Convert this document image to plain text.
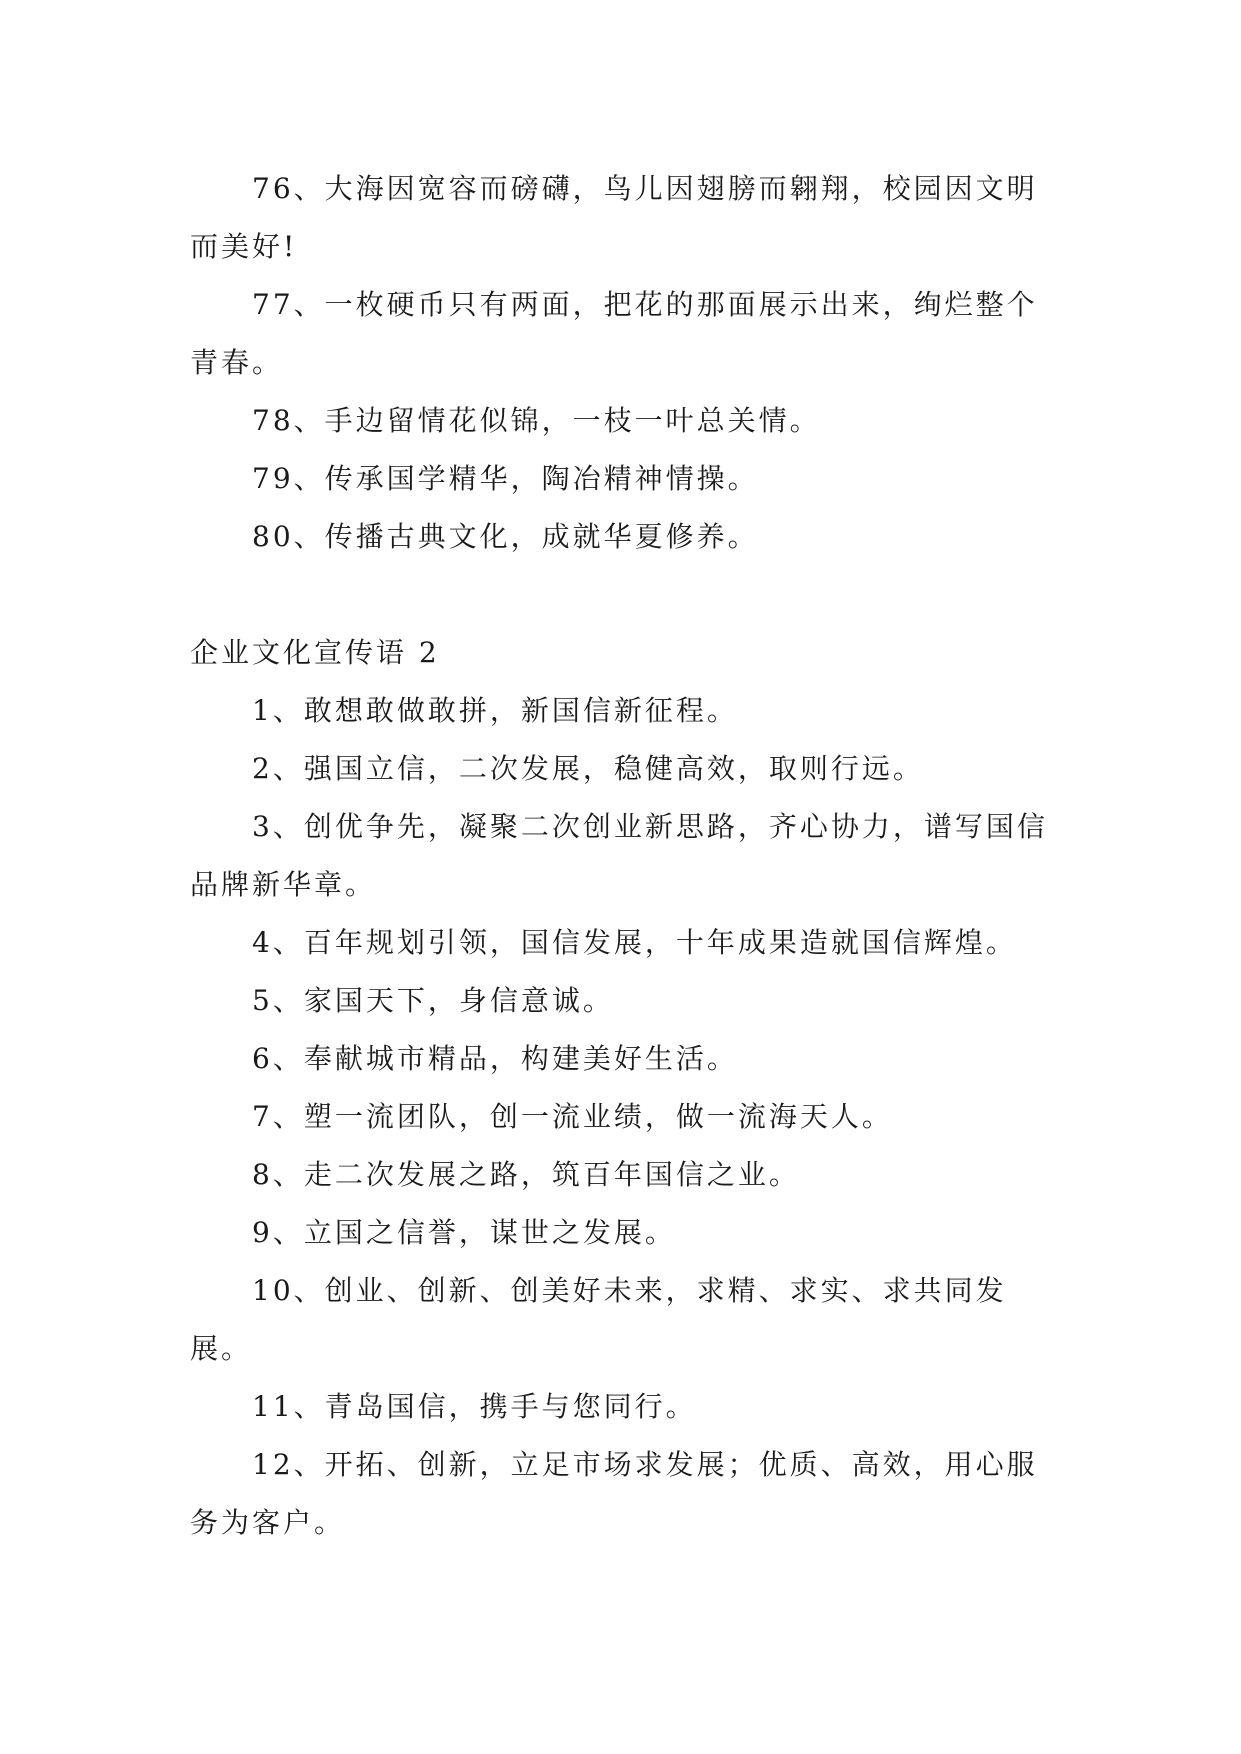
76、大海因宽容而磅礴，鸟儿因翅膀而翱翔，校园因文明而美好!

77、一枚硬币只有两面，把花的那面展示出来，绚烂整个青春。

78、手边留情花似锦，一枝一叶总关情。

79、传承国学精华，陶冶精神情操。

80、传播古典文化，成就华夏修养。

企业文化宣传语 2

1、敢想敢做敢拼，新国信新征程。

2、强国立信，二次发展，稳健高效，取则行远。

3、创优争先，凝聚二次创业新思路，齐心协力，谱写国信品牌新华章。

4、百年规划引领，国信发展，十年成果造就国信辉煌。

5、家国天下，身信意诚。

6、奉献城市精品，构建美好生活。

7、塑一流团队，创一流业绩，做一流海天人。

8、走二次发展之路，筑百年国信之业。

9、立国之信誉，谋世之发展。

10、创业、创新、创美好未来，求精、求实、求共同发展。

11、青岛国信，携手与您同行。

12、开拓、创新，立足市场求发展；优质、高效，用心服务为客户。
